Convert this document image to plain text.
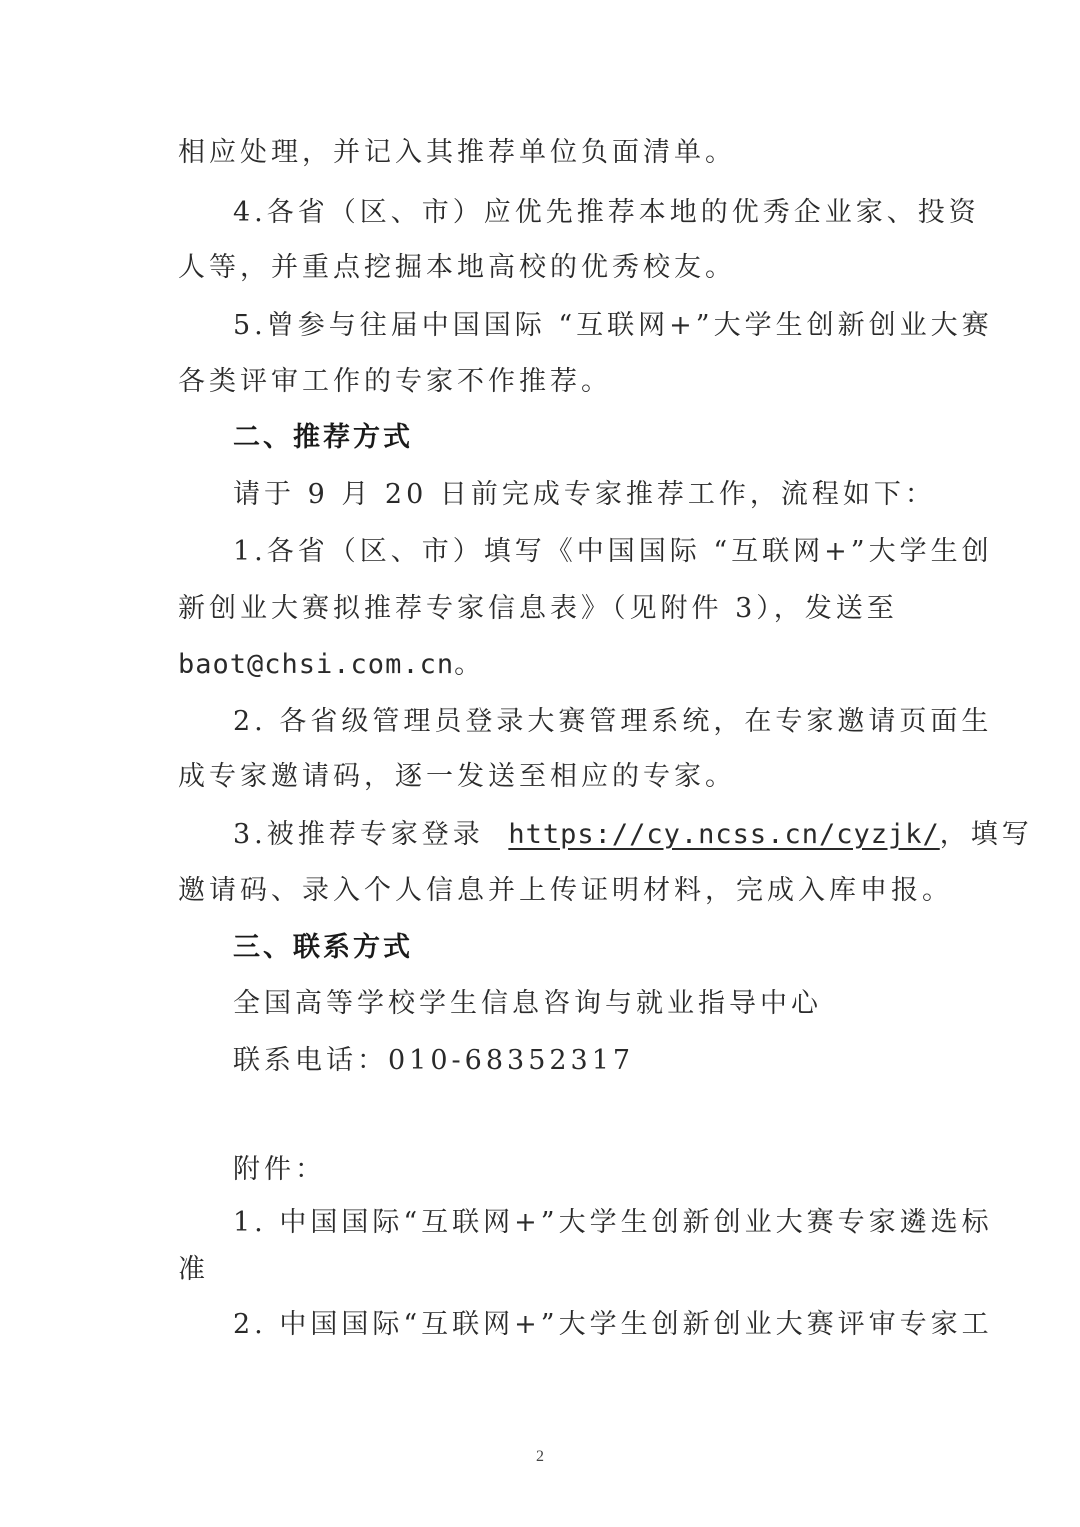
相应处理，并记入其推荐单位负面清单。
4.各省（区、市）应优先推荐本地的优秀企业家、投资
人等，并重点挖掘本地高校的优秀校友。
5.曾参与往届中国国际 “互联网+”大学生创新创业大赛
各类评审工作的专家不作推荐。
二、推荐方式
请于 9 月 20 日前完成专家推荐工作，流程如下：
1.各省（区、市）填写《中国国际 “互联网+”大学生创
新创业大赛拟推荐专家信息表》（见附件 3），发送至
baot@chsi.com.cn。
2. 各省级管理员登录大赛管理系统，在专家邀请页面生
成专家邀请码，逐一发送至相应的专家。
3.被推荐专家登录 https://cy.ncss.cn/cyzjk/，填写
邀请码、录入个人信息并上传证明材料，完成入库申报。
三、联系方式
全国高等学校学生信息咨询与就业指导中心
联系电话：010-68352317
附件：
1. 中国国际“互联网+”大学生创新创业大赛专家遴选标
准
2. 中国国际“互联网+”大学生创新创业大赛评审专家工
2
